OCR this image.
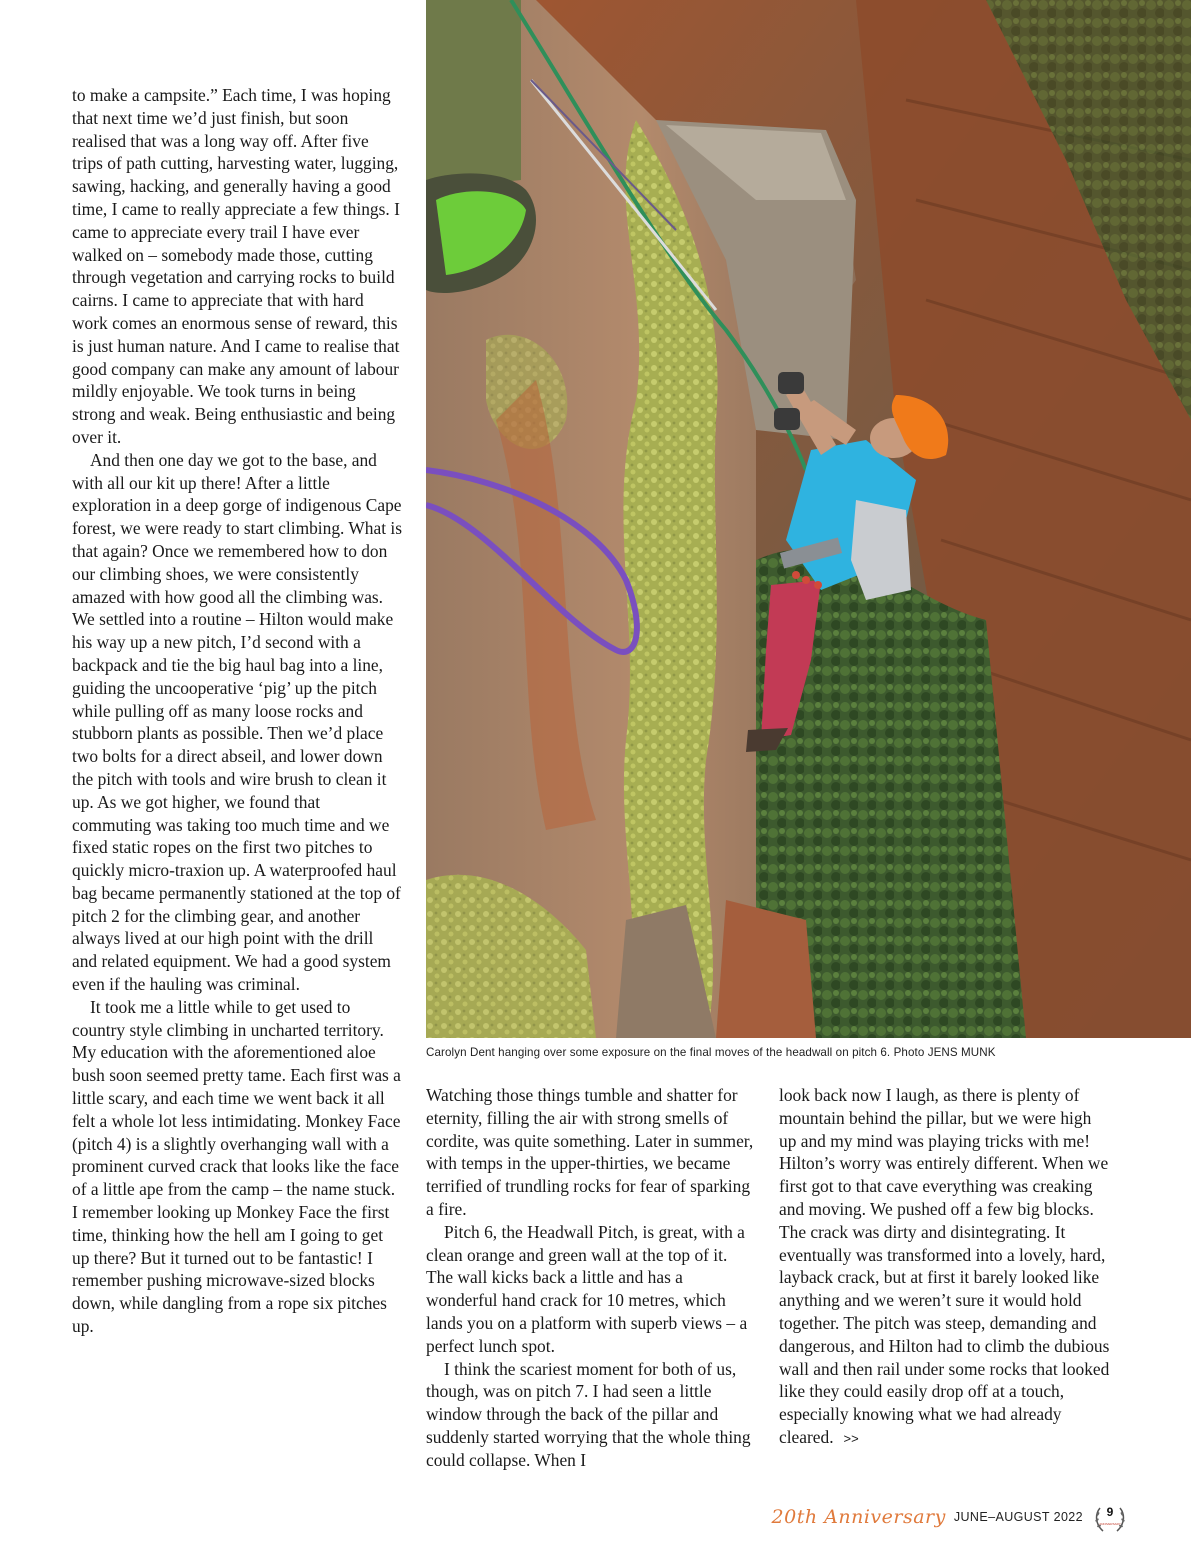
to make a campsite.” Each time, I was hoping that next time we’d just finish, but soon realised that was a long way off. After five trips of path cutting, harvesting water, lugging, sawing, hacking, and generally having a good time, I came to really appreciate a few things. I came to appreciate every trail I have ever walked on – somebody made those, cutting through vegetation and carrying rocks to build cairns. I came to appreciate that with hard work comes an enormous sense of reward, this is just human nature. And I came to realise that good company can make any amount of labour mildly enjoyable. We took turns in being strong and weak. Being enthusiastic and being over it.

And then one day we got to the base, and with all our kit up there! After a little exploration in a deep gorge of indigenous Cape forest, we were ready to start climbing. What is that again? Once we remembered how to don our climbing shoes, we were consistently amazed with how good all the climbing was. We settled into a routine – Hilton would make his way up a new pitch, I’d second with a backpack and tie the big haul bag into a line, guiding the uncooperative ‘pig’ up the pitch while pulling off as many loose rocks and stubborn plants as possible. Then we’d place two bolts for a direct abseil, and lower down the pitch with tools and wire brush to clean it up. As we got higher, we found that commuting was taking too much time and we fixed static ropes on the first two pitches to quickly micro-traxion up. A waterproofed haul bag became permanently stationed at the top of pitch 2 for the climbing gear, and another always lived at our high point with the drill and related equipment. We had a good system even if the hauling was criminal.

It took me a little while to get used to country style climbing in uncharted territory. My education with the aforementioned aloe bush soon seemed pretty tame. Each first was a little scary, and each time we went back it all felt a whole lot less intimidating. Monkey Face (pitch 4) is a slightly overhanging wall with a prominent curved crack that looks like the face of a little ape from the camp – the name stuck. I remember looking up Monkey Face the first time, thinking how the hell am I going to get up there? But it turned out to be fantastic! I remember pushing microwave-sized blocks down, while dangling from a rope six pitches up.

Carolyn Dent hanging over some exposure on the final moves of the headwall on pitch 6. Photo JENS MUNK

Watching those things tumble and shatter for eternity, filling the air with strong smells of cordite, was quite something. Later in summer, with temps in the upper-thirties, we became terrified of trundling rocks for fear of sparking a fire.

Pitch 6, the Headwall Pitch, is great, with a clean orange and green wall at the top of it. The wall kicks back a little and has a wonderful hand crack for 10 metres, which lands you on a platform with superb views – a perfect lunch spot.

I think the scariest moment for both of us, though, was on pitch 7. I had seen a little window through the back of the pillar and suddenly started worrying that the whole thing could collapse. When I

look back now I laugh, as there is plenty of mountain behind the pillar, but we were high up and my mind was playing tricks with me! Hilton’s worry was entirely different. When we first got to that cave everything was creaking and moving. We pushed off a few big blocks. The crack was dirty and disintegrating. It eventually was transformed into a lovely, hard, layback crack, but at first it barely looked like anything and we weren’t sure it would hold together. The pitch was steep, demanding and dangerous, and Hilton had to climb the dubious wall and then rail under some rocks that looked like they could easily drop off at a touch, especially knowing what we had already cleared. >>

20th Anniversary JUNE–AUGUST 2022	ANNIVERSARY
9
